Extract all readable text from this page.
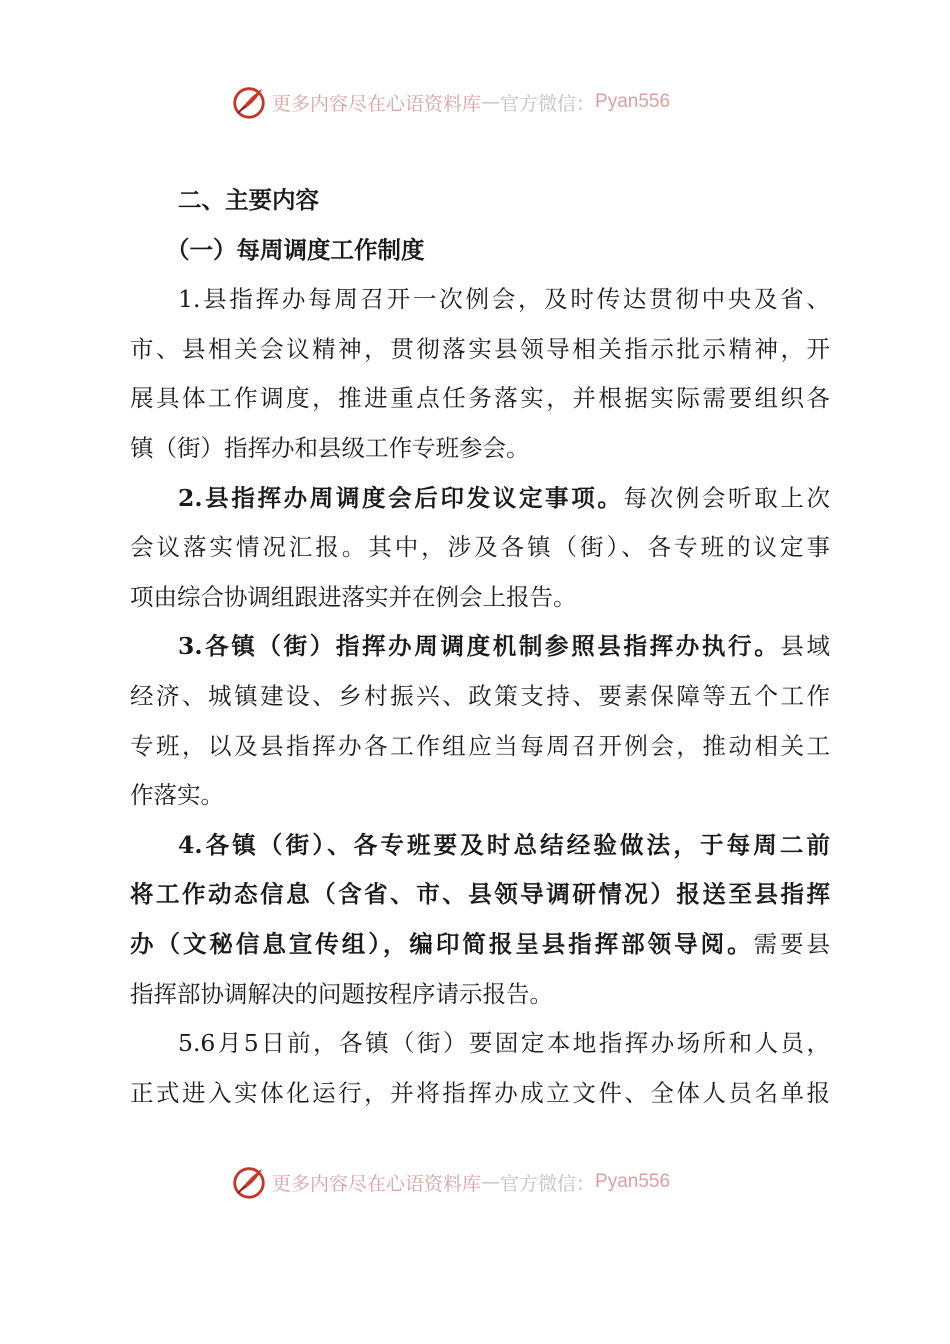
更多内容尽在心语资料库 — 官方微信： Pyan556
二、主要内容
（一）每周调度工作制度
1.县指挥办每周召开一次例会，及时传达贯彻中央及省、
市、县相关会议精神，贯彻落实县领导相关指示批示精神，开
展具体工作调度，推进重点任务落实，并根据实际需要组织各
镇（街）指挥办和县级工作专班参会。
2.县指挥办周调度会后印发议定事项。每次例会听取上次
会议落实情况汇报。其中，涉及各镇（街）、各专班的议定事
项由综合协调组跟进落实并在例会上报告。
3.各镇（街）指挥办周调度机制参照县指挥办执行。县域
经济、城镇建设、乡村振兴、政策支持、要素保障等五个工作
专班，以及县指挥办各工作组应当每周召开例会，推动相关工
作落实。
4.各镇（街）、各专班要及时总结经验做法，于每周二前
将工作动态信息（含省、市、县领导调研情况）报送至县指挥
办（文秘信息宣传组），编印简报呈县指挥部领导阅。需要县
指挥部协调解决的问题按程序请示报告。
5.6月5日前，各镇（街）要固定本地指挥办场所和人员，
正式进入实体化运行，并将指挥办成立文件、全体人员名单报
更多内容尽在心语资料库 — 官方微信： Pyan556
